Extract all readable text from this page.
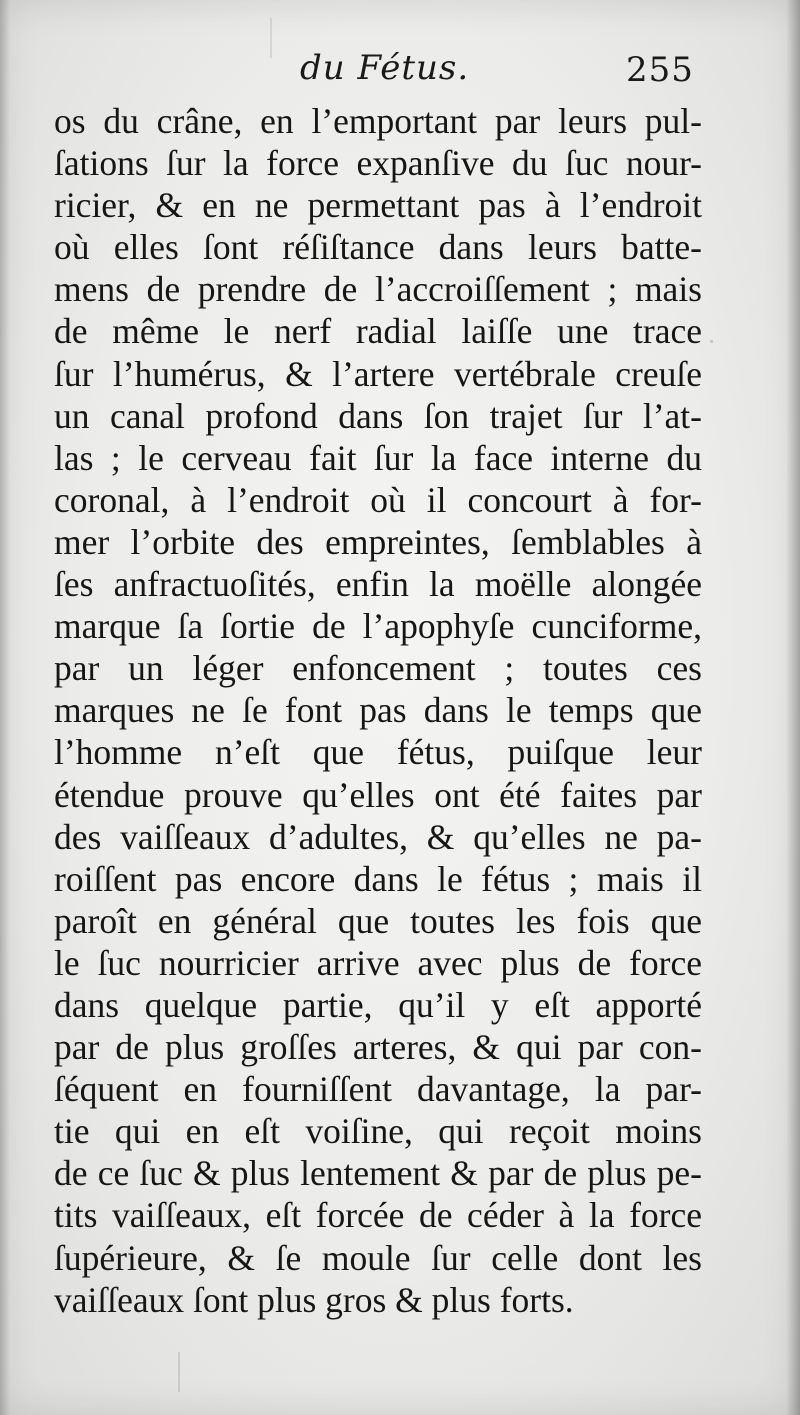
du Fétus.	255
os du crâne, en l’emportant par leurs pul-
ſations ſur la force expanſive du ſuc nour-
ricier, & en ne permettant pas à l’endroit
où elles ſont réſiſtance dans leurs batte-
mens de prendre de l’accroiſſement ; mais
de même le nerf radial laiſſe une trace
ſur l’humérus, & l’artere vertébrale creuſe
un canal profond dans ſon trajet ſur l’at-
las ; le cerveau fait ſur la face interne du
coronal, à l’endroit où il concourt à for-
mer l’orbite des empreintes, ſemblables à
ſes anfractuoſités, enfin la moëlle alongée
marque ſa ſortie de l’apophyſe cunciforme,
par un léger enfoncement ; toutes ces
marques ne ſe font pas dans le temps que
l’homme n’eſt que fétus, puiſque leur
étendue prouve qu’elles ont été faites par
des vaiſſeaux d’adultes, & qu’elles ne pa-
roiſſent pas encore dans le fétus ; mais il
paroît en général que toutes les fois que
le ſuc nourricier arrive avec plus de force
dans quelque partie, qu’il y eſt apporté
par de plus groſſes arteres, & qui par con-
ſéquent en fourniſſent davantage, la par-
tie qui en eſt voiſine, qui reçoit moins
de ce ſuc & plus lentement & par de plus pe-
tits vaiſſeaux, eſt forcée de céder à la force
ſupérieure, & ſe moule ſur celle dont les
vaiſſeaux ſont plus gros & plus forts.
